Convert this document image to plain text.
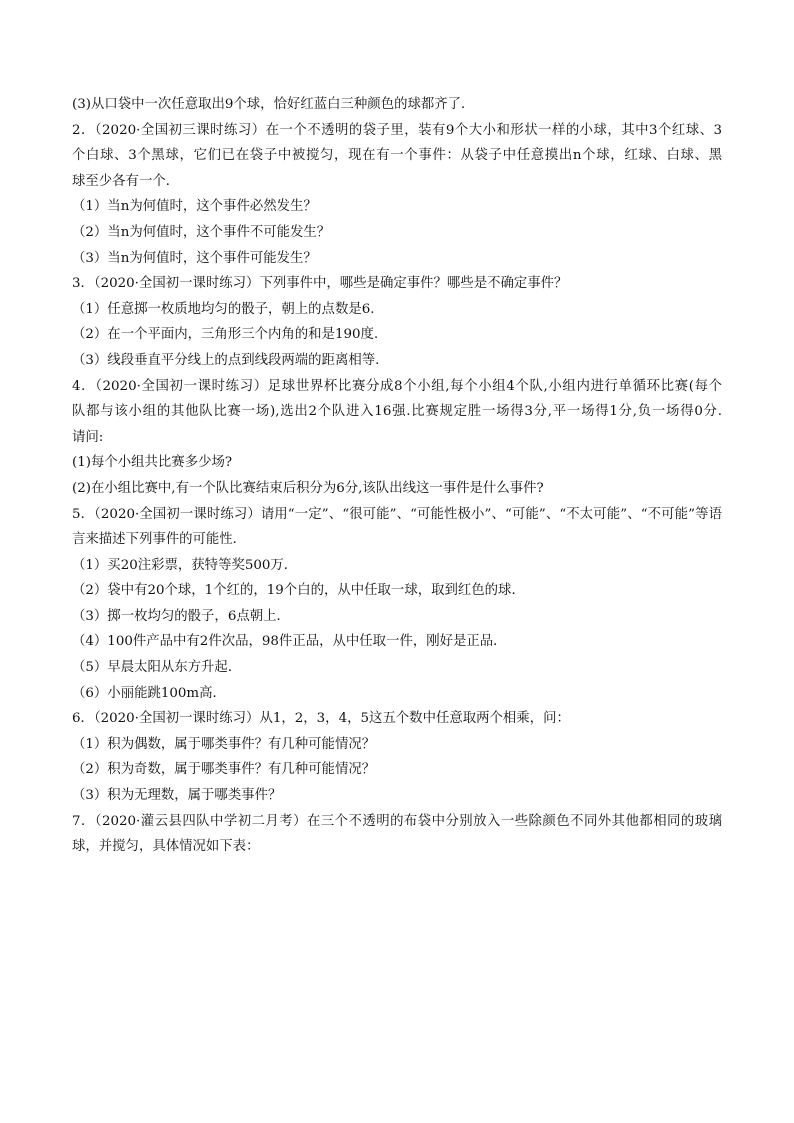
(3)从口袋中一次任意取出9个球，恰好红蓝白三种颜色的球都齐了．
2．（2020·全国初三课时练习）在一个不透明的袋子里，装有9个大小和形状一样的小球，其中3个红球、3
个白球、3个黑球，它们已在袋子中被搅匀，现在有一个事件：从袋子中任意摸出n个球，红球、白球、黑
球至少各有一个．
（1）当n为何值时，这个事件必然发生？
（2）当n为何值时，这个事件不可能发生？
（3）当n为何值时，这个事件可能发生？
3．（2020·全国初一课时练习）下列事件中，哪些是确定事件？哪些是不确定事件？
（1）任意掷一枚质地均匀的骰子，朝上的点数是6.
（2）在一个平面内，三角形三个内角的和是190度.
（3）线段垂直平分线上的点到线段两端的距离相等.
4．（2020·全国初一课时练习）足球世界杯比赛分成8个小组,每个小组4个队,小组内进行单循环比赛(每个
队都与该小组的其他队比赛一场),选出2个队进入16强.比赛规定胜一场得3分,平一场得1分,负一场得0分.
请问:
(1)每个小组共比赛多少场?
(2)在小组比赛中,有一个队比赛结束后积分为6分,该队出线这一事件是什么事件?
5．（2020·全国初一课时练习）请用“一定”、“很可能”、“可能性极小”、“可能”、“不太可能”、“不可能”等语
言来描述下列事件的可能性．
（1）买20注彩票，获特等奖500万．
（2）袋中有20个球，1个红的，19个白的，从中任取一球，取到红色的球．
（3）掷一枚均匀的骰子，6点朝上．
（4）100件产品中有2件次品，98件正品，从中任取一件，刚好是正品．
（5）早晨太阳从东方升起．
（6）小丽能跳100m高．
6．（2020·全国初一课时练习）从1，2，3，4，5这五个数中任意取两个相乘，问：
（1）积为偶数，属于哪类事件？有几种可能情况？
（2）积为奇数，属于哪类事件？有几种可能情况？
（3）积为无理数，属于哪类事件？
7．（2020·灌云县四队中学初二月考）在三个不透明的布袋中分别放入一些除颜色不同外其他都相同的玻璃
球，并搅匀，具体情况如下表：
